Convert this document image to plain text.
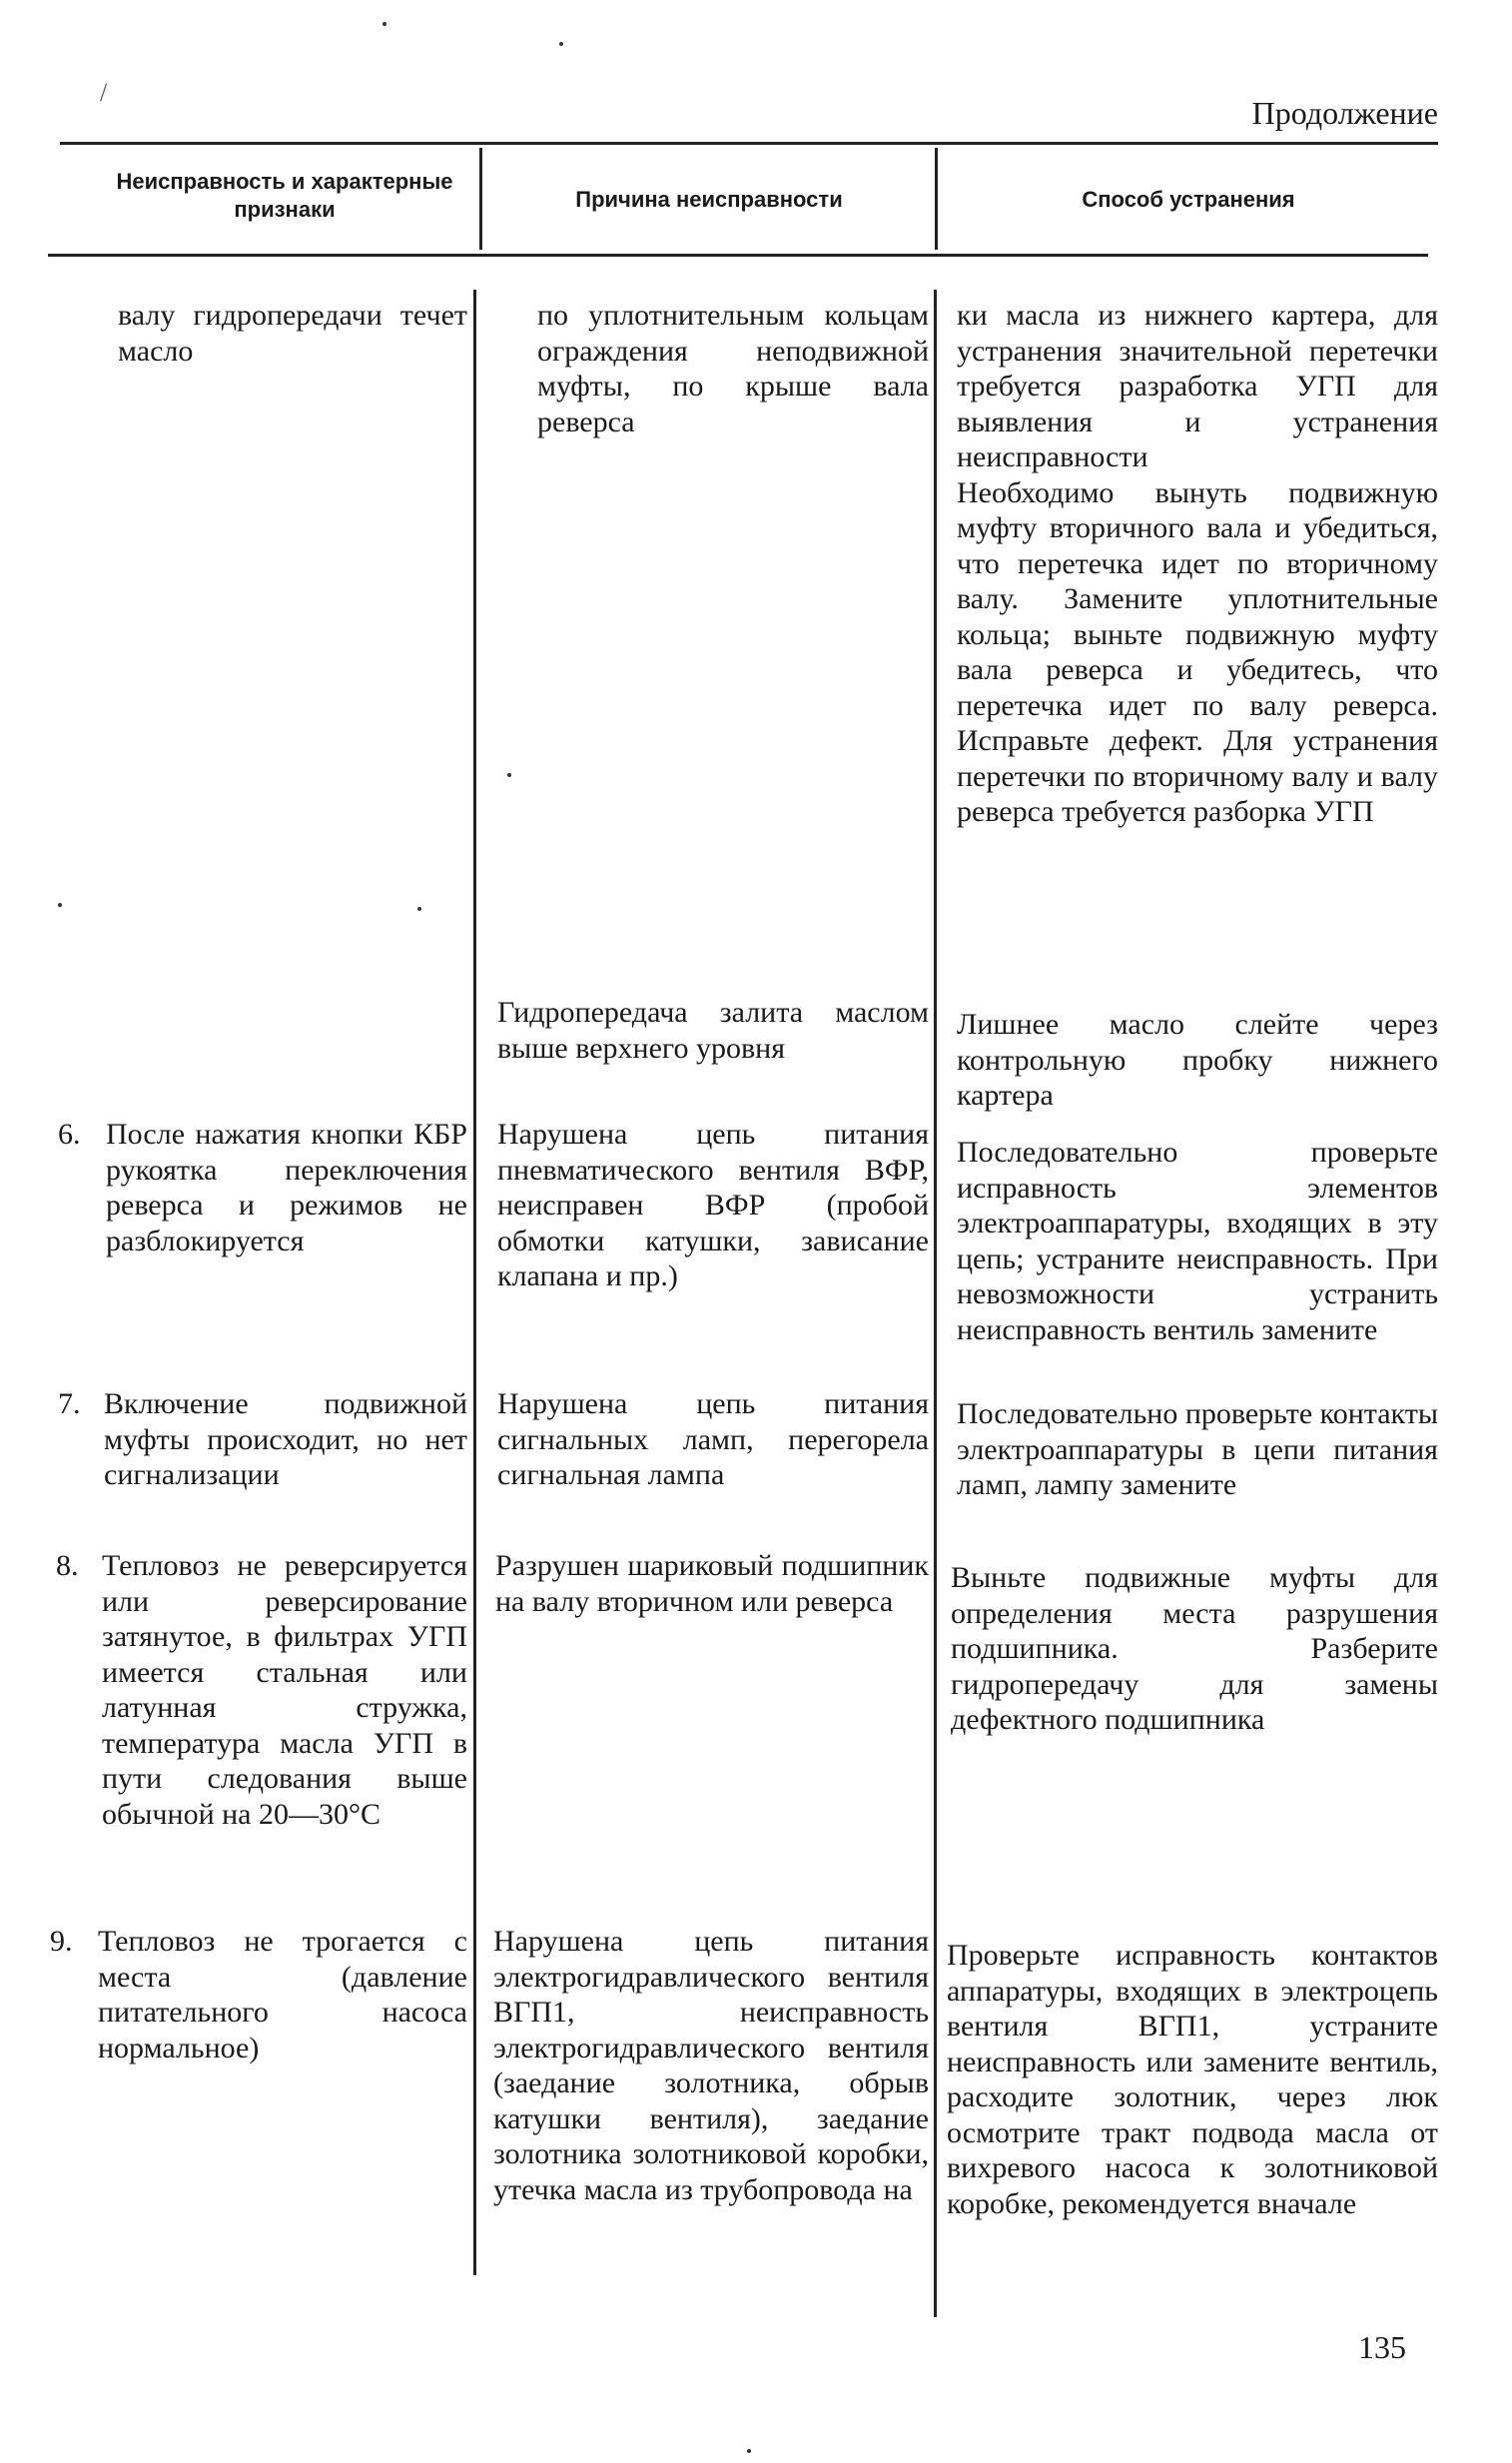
/
Продолжение
Неисправность и характерные признаки	Причина неисправности	Способ устранения
валу гидропередачи течет масло
по уплотнительным кольцам ограждения неподвижной муфты, по крыше вала реверса

ки масла из нижнего картера, для устранения значительной перетечки требуется разработка УГП для выявления и устранения неисправности

Необходимо вынуть подвижную муфту вторичного вала и убедиться, что перетечка идет по вторичному валу. Замените уплотнительные кольца; выньте подвижную муфту вала реверса и убедитесь, что перетечка идет по валу реверса. Исправьте дефект. Для устранения перетечки по вторичному валу и валу реверса требуется разборка УГП

Гидропередача залита маслом выше верхнего уровня
Лишнее масло слейте через контрольную пробку нижнего картера
6. После нажатия кнопки КБР рукоятка переключения реверса и режимов не разблокируется
Нарушена цепь питания пневматического вентиля ВФР, неисправен ВФР (пробой обмотки катушки, зависание клапана и пр.)
Последовательно проверьте исправность элементов электроаппаратуры, входящих в эту цепь; устраните неисправность. При невозможности устранить неисправность вентиль замените
7. Включение подвижной муфты происходит, но нет сигнализации
Нарушена цепь питания сигнальных ламп, перегорела сигнальная лампа
Последовательно проверьте контакты электроаппаратуры в цепи питания ламп, лампу замените
8. Тепловоз не реверсируется или реверсирование затянутое, в фильтрах УГП имеется стальная или латунная стружка, температура масла УГП в пути следования выше обычной на 20—30°C
Разрушен шариковый подшипник на валу вторичном или реверса
Выньте подвижные муфты для определения места разрушения подшипника. Разберите гидропередачу для замены дефектного подшипника
9. Тепловоз не трогается с места (давление питательного насоса нормальное)
Нарушена цепь питания электрогидравлического вентиля ВГП1, неисправность электрогидравлического вентиля (заедание золотника, обрыв катушки вентиля), заедание золотника золотниковой коробки, утечка масла из трубопровода на
Проверьте исправность контактов аппаратуры, входящих в электроцепь вентиля ВГП1, устраните неисправность или замените вентиль, расходите золотник, через люк осмотрите тракт подвода масла от вихревого насоса к золотниковой коробке, рекомендуется вначале
135
